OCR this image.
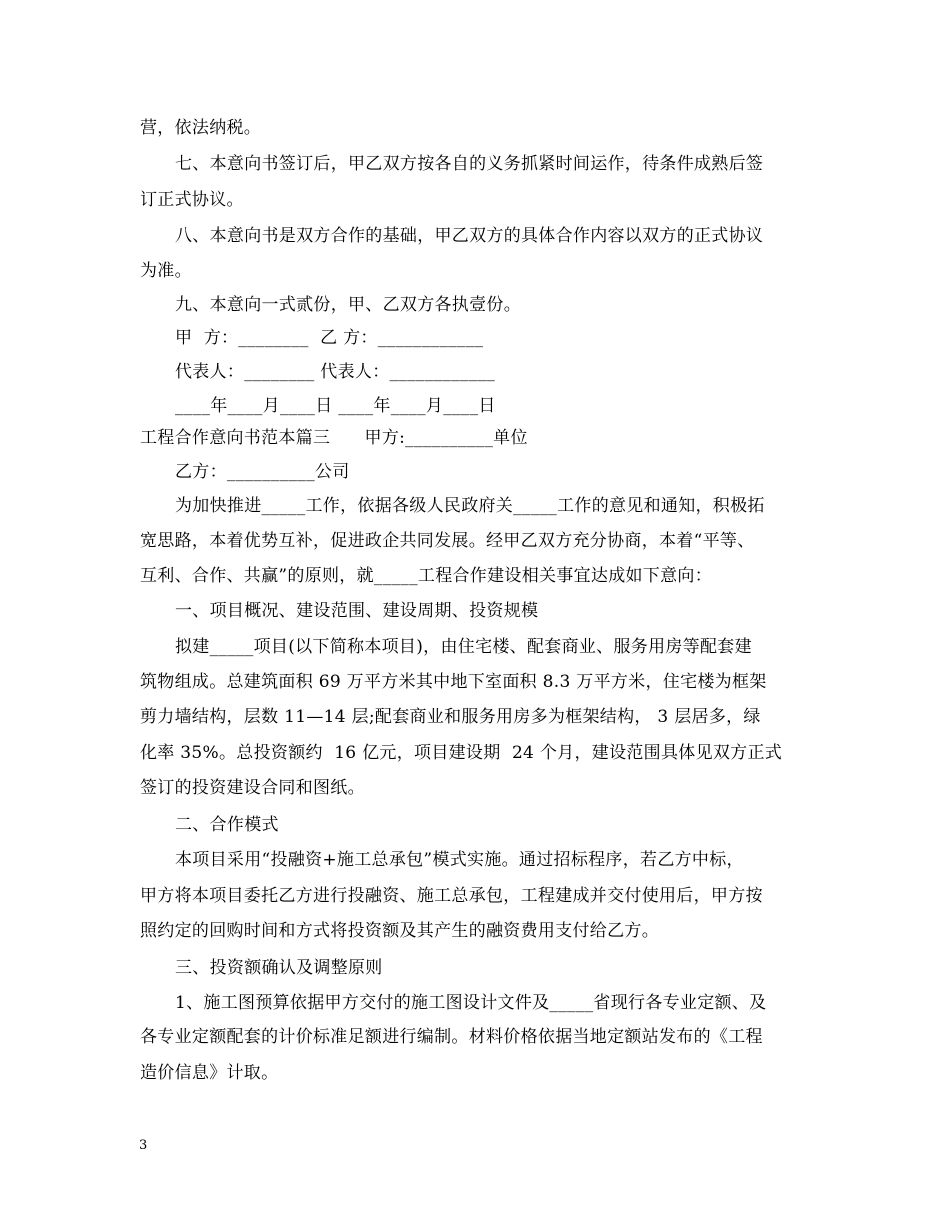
营，依法纳税。
七、本意向书签订后，甲乙双方按各自的义务抓紧时间运作，待条件成熟后签
订正式协议。
八、本意向书是双方合作的基础，甲乙双方的具体合作内容以双方的正式协议
为准。
九、本意向一式贰份，甲、乙双方各执壹份。
甲  方：________  乙 方：____________
代表人：________ 代表人：____________
____年____月____日 ____年____月____日
工程合作意向书范本篇三      甲方:__________单位
乙方：__________公司
为加快推进_____工作，依据各级人民政府关_____工作的意见和通知，积极拓
宽思路，本着优势互补，促进政企共同发展。经甲乙双方充分协商，本着“平等、
互利、合作、共赢”的原则，就_____工程合作建设相关事宜达成如下意向：
一、项目概况、建设范围、建设周期、投资规模
拟建_____项目(以下简称本项目)，由住宅楼、配套商业、服务用房等配套建
筑物组成。总建筑面积 69 万平方米其中地下室面积 8.3 万平方米，住宅楼为框架
剪力墙结构，层数 11—14 层;配套商业和服务用房多为框架结构， 3 层居多，绿
化率 35%。总投资额约  16 亿元，项目建设期  24 个月，建设范围具体见双方正式
签订的投资建设合同和图纸。
二、合作模式
本项目采用“投融资+施工总承包”模式实施。通过招标程序，若乙方中标，
甲方将本项目委托乙方进行投融资、施工总承包，工程建成并交付使用后，甲方按
照约定的回购时间和方式将投资额及其产生的融资费用支付给乙方。
三、投资额确认及调整原则
1、施工图预算依据甲方交付的施工图设计文件及_____省现行各专业定额、及
各专业定额配套的计价标准足额进行编制。材料价格依据当地定额站发布的《工程
造价信息》计取。
3
